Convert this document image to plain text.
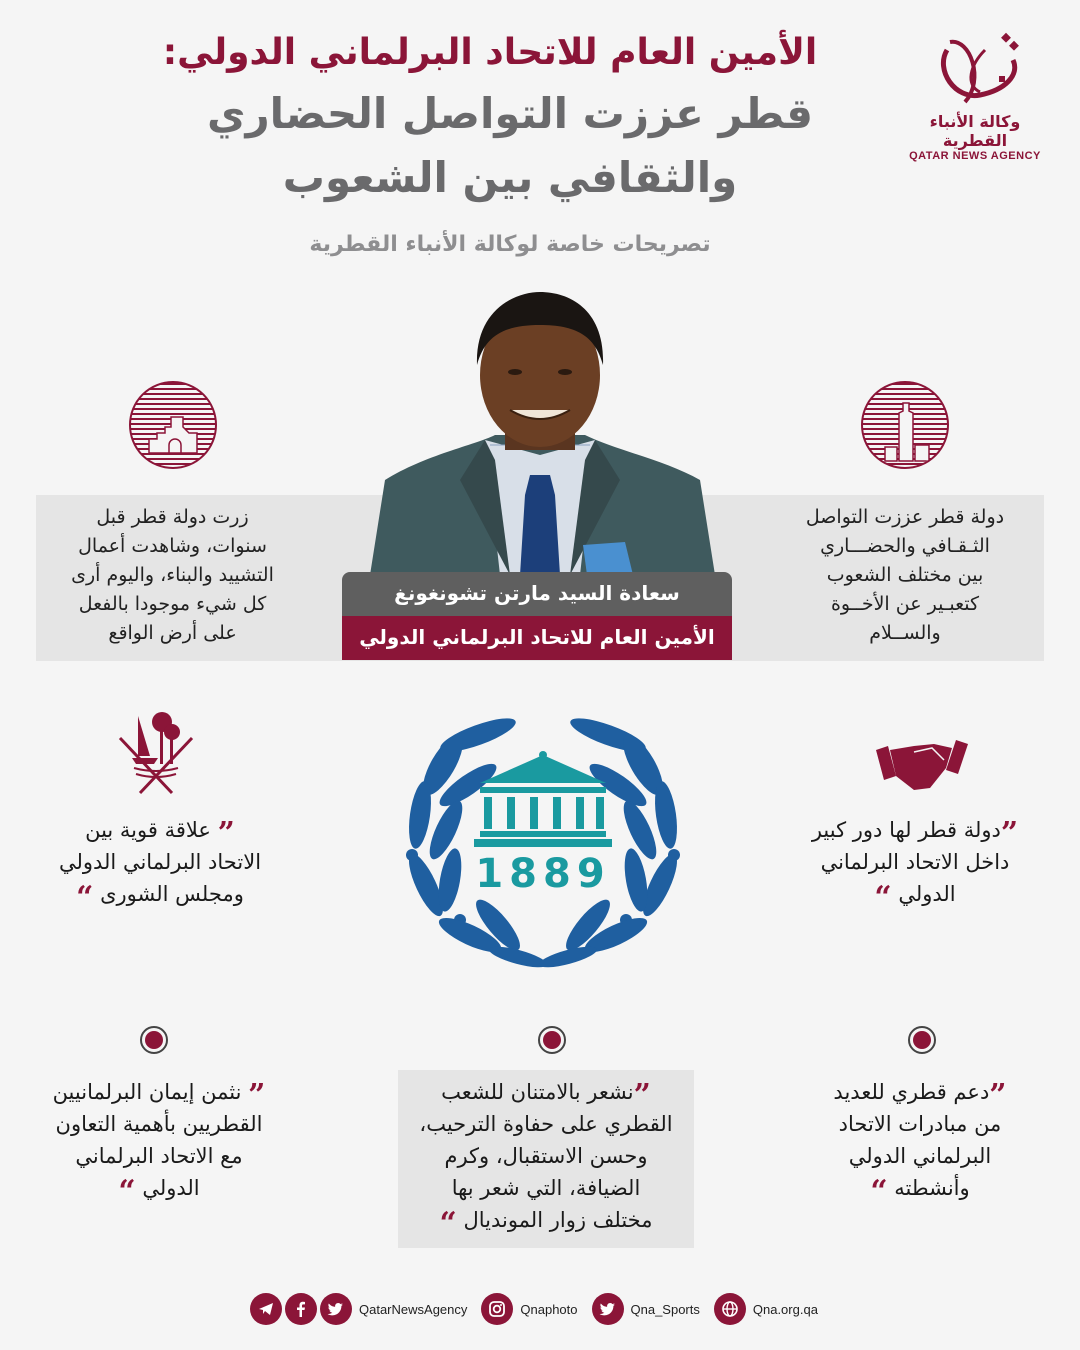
الأمين العام للاتحاد البرلماني الدولي:
قطر عززت التواصل الحضاري
والثقافي بين الشعوب
تصريحات خاصة لوكالة الأنباء القطرية
وكالة الأنباء القطرية
QATAR NEWS AGENCY
زرت دولة قطر قبل
سنوات، وشاهدت أعمال
التشييد والبناء، واليوم أرى
كل شيء موجودا بالفعل
على أرض الواقع
دولة قطر عززت التواصل
الثـقـافي والحضـــاري
بين مختلف الشعوب
كتعبـير عن الأخــوة
والســلام
سعادة السيد مارتن تشونغونغ
الأمين العام للاتحاد البرلماني الدولي
” علاقة قوية بين
الاتحاد البرلماني الدولي
ومجلس الشورى “
”دولة قطر لها دور كبير
داخل الاتحاد البرلماني
الدولي “
1889
” نثمن إيمان البرلمانيين
القطريين بأهمية التعاون
مع الاتحاد البرلماني
الدولي “
”نشعر بالامتنان للشعب
القطري على حفاوة الترحيب،
وحسن الاستقبال، وكرم
الضيافة، التي شعر بها
مختلف زوار المونديال “
”دعم قطري للعديد
من مبادرات الاتحاد
البرلماني الدولي
وأنشطته “
QatarNewsAgency	Qnaphoto	Qna_Sports	Qna.org.qa
